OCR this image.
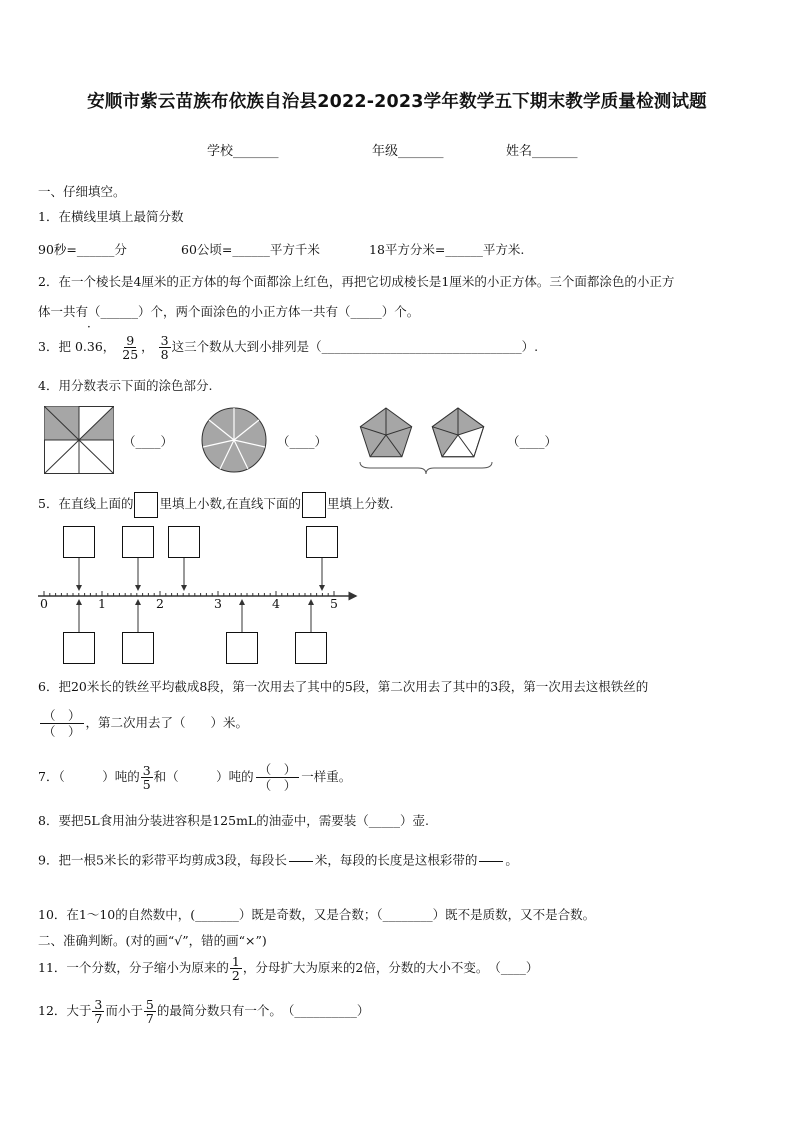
安顺市紫云苗族布依族自治县2022-2023学年数学五下期末教学质量检测试题
学校_______	年级_______	姓名_______
一、仔细填空。
1．在横线里填上最简分数
90秒=______分	60公顷=______平方千米	18平方分米=______平方米.
2．在一个棱长是4厘米的正方体的每个面都涂上红色，再把它切成棱长是1厘米的小正方体。三个面都涂色的小正方
体一共有（______）个，两个面涂色的小正方体一共有（_____）个。
3．把
·
0.36， $\frac{9}{25}$ ， $\frac{3}{8}$ 这三个数从大到小排列是（________________________________）.
4．用分数表示下面的涂色部分.
（____）	（____）	（____）
5．在直线上面的 里填上小数,在直线下面的 里填上分数.
0	1	2	3	4	5
6．把20米长的铁丝平均截成8段，第一次用去了其中的5段，第二次用去了其中的3段，第一次用去这根铁丝的
（　）
（　）
，第二次用去了（　　）米。
7．（　　　）吨的 $\frac{3}{5}$ 和（　　　）吨的 （　）
（　）
一样重。
8．要把5L食用油分装进容积是125mL的油壶中，需要装（_____）壶.
9．把一根5米长的彩带平均剪成3段，每段长 米，每段的长度是这根彩带的 。
10．在1～10的自然数中，(_______）既是奇数，又是合数；（________）既不是质数，又不是合数。
二、准确判断。(对的画“√”，错的画“×”)
11．一个分数，分子缩小为原来的 $\frac{1}{2}$ ，分母扩大为原来的2倍，分数的大小不变。　（____）
12．大于 $\frac{3}{7}$ 而小于 $\frac{5}{7}$ 的最简分数只有一个。　（__________）
